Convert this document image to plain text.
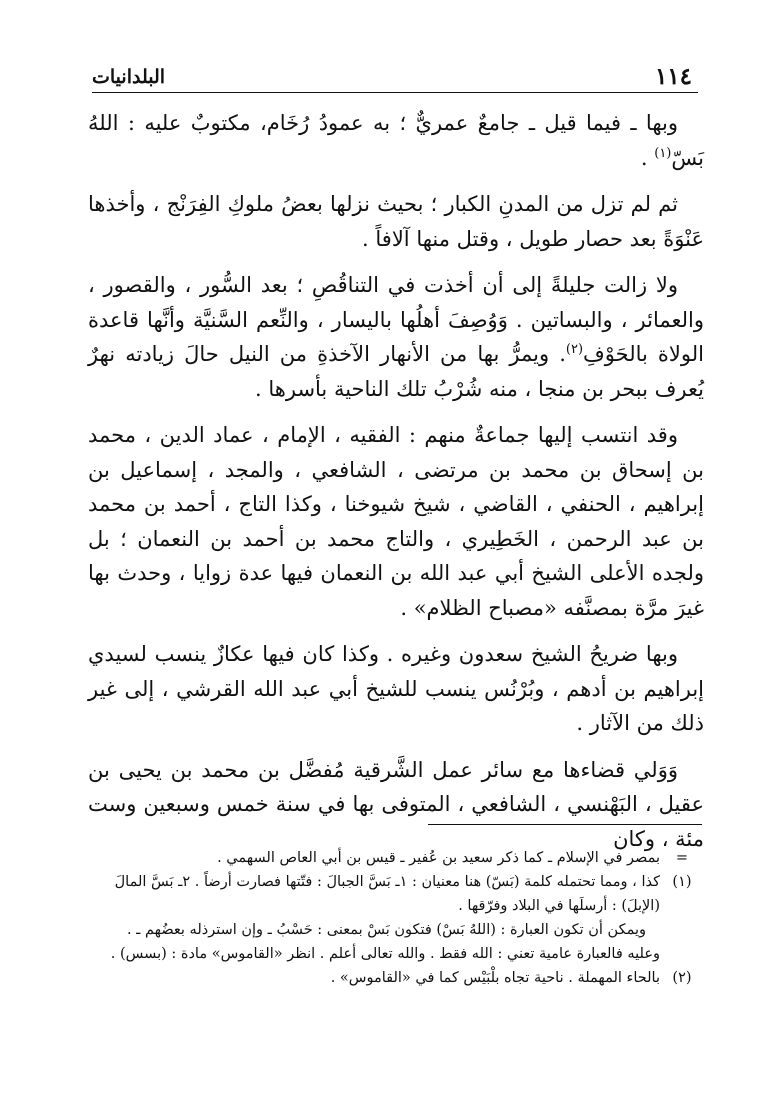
البلدانيات	١١٤

وبها ـ فيما قيل ـ جامعٌ عمريٌّ ؛ به عمودُ رُخَام، مكتوبٌ عليه : اللهُ بَسّ$^{(١)}$ .

ثم لم تزل من المدنِ الكبار ؛ بحيث نزلها بعضُ ملوكِ الفِرَنْج ، وأخذها عَنْوَةً بعد حصار طويل ، وقتل منها آلافاً .

ولا زالت جليلةً إلى أن أخذت في التناقُصِ ؛ بعد السُّور ، والقصور ، والعمائر ، والبساتين . وَوُصِفَ أهلُها باليسار ، والنِّعم السَّنيَّة وأنَّها قاعدة الولاة بالحَوْفِ$^{(٢)}$. ويمرُّ بها من الأنهار الآخذةِ من النيل حالَ زيادته نهرٌ يُعرف ببحر بن منجا ، منه شُرْبُ تلك الناحية بأسرها .

وقد انتسب إليها جماعةٌ منهم : الفقيه ، الإمام ، عماد الدين ، محمد بن إسحاق بن محمد بن مرتضى ، الشافعي ، والمجد ، إسماعيل بن إبراهيم ، الحنفي ، القاضي ، شيخ شيوخنا ، وكذا التاج ، أحمد بن محمد بن عبد الرحمن ، الخَطِيري ، والتاج محمد بن أحمد بن النعمان ؛ بل ولجده الأعلى الشيخ أبي عبد الله بن النعمان فيها عدة زوايا ، وحدث بها غيرَ مرَّة بمصنَّفه «مصباح الظلام» .

وبها ضريحُ الشيخ سعدون وغيره . وكذا كان فيها عكازٌ ينسب لسيدي إبراهيم بن أدهم ، وبُرْنُس ينسب للشيخ أبي عبد الله القرشي ، إلى غير ذلك من الآثار .

وَوَلي قضاءها مع سائر عمل الشَّرقية مُفضَّل بن محمد بن يحيى بن عقيل ، البَهْنسي ، الشافعي ، المتوفى بها في سنة خمس وسبعين وست مئة ، وكان

=
بمصر في الإسلام ـ كما ذكر سعيد بن عُفير ـ قيس بن أبي العاص السهمي .

(١)
كذا ، ومما تحتمله كلمة (بَسّ) هنا معنيان : ١ـ بَسَّ الجبالَ : فتّتها فصارت أرضاً . ٢ـ بَسَّ المالَ (الإبلَ) : أرسلَها في البلاد وفرّقها .

ويمكن أن تكون العبارة : (اللهُ بَسْ) فتكون بَسْ بمعنى : حَسْبُ ـ وإن استرذله بعضُهم ـ .

وعليه فالعبارة عامية تعني : الله فقط . والله تعالى أعلم . انظر «القاموس» مادة : (بسس) .

(٢)
بالحاء المهملة . ناحية تجاه بلْبَيْس كما في «القاموس» .
